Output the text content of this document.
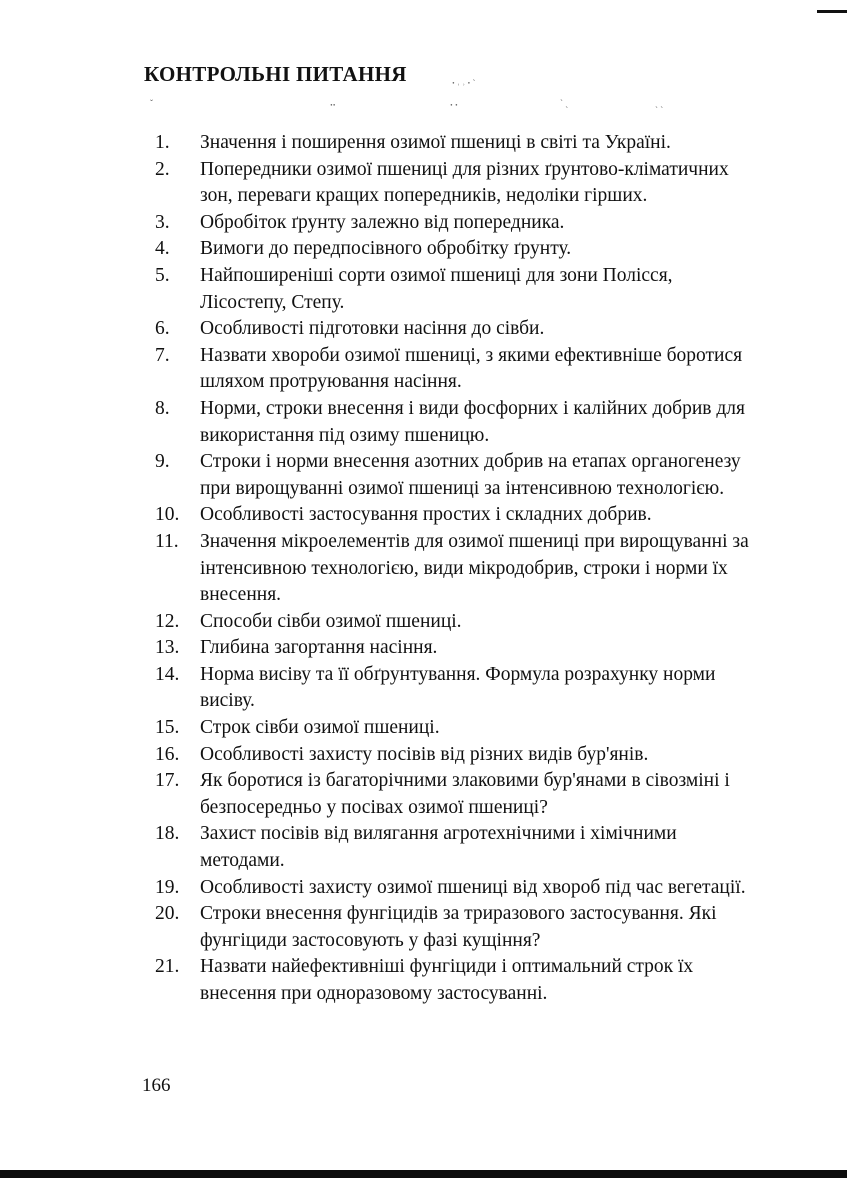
КОНТРОЛЬНІ ПИТАННЯ	ꞏ ˒ ˒ ꞏ ˋ
ˇ	ꞏꞏ	ꞏ ꞏ	ˋ ˏ	ˏ ˏ
1.	Значення і поширення озимої пшениці в світі та Україні.
2.	Попередники озимої пшениці для різних ґрунтово-кліматичних зон, переваги кращих попередників, недоліки гірших.
3.	Обробіток ґрунту залежно від попередника.
4.	Вимоги до передпосівного обробітку ґрунту.
5.	Найпоширеніші сорти озимої пшениці для зони Полісся, Лісостепу, Степу.
6.	Особливості підготовки насіння до сівби.
7.	Назвати хвороби озимої пшениці, з якими ефективніше боротися шляхом протруювання насіння.
8.	Норми, строки внесення і види фосфорних і калійних добрив для використання під озиму пшеницю.
9.	Строки і норми внесення азотних добрив на етапах органогенезу при вирощуванні озимої пшениці за інтенсивною технологією.
10.	Особливості застосування простих і складних добрив.
11.	Значення мікроелементів для озимої пшениці при вирощуванні за інтенсивною технологією, види мікродобрив, строки і норми їх внесення.
12.	Способи сівби озимої пшениці.
13.	Глибина загортання насіння.
14.	Норма висіву та її обґрунтування. Формула розрахунку норми висіву.
15.	Строк сівби озимої пшениці.
16.	Особливості захисту посівів від різних видів бур'янів.
17.	Як боротися із багаторічними злаковими бур'янами в сівозміні і безпосередньо у посівах озимої пшениці?
18.	Захист посівів від вилягання агротехнічними і хімічними методами.
19.	Особливості захисту озимої пшениці від хвороб під час вегетації.
20.	Строки внесення фунгіцидів за триразового застосування. Які фунгіциди застосовують у фазі кущіння?
21.	Назвати найефективніші фунгіциди і оптимальний строк їх внесення при одноразовому застосуванні.

166
